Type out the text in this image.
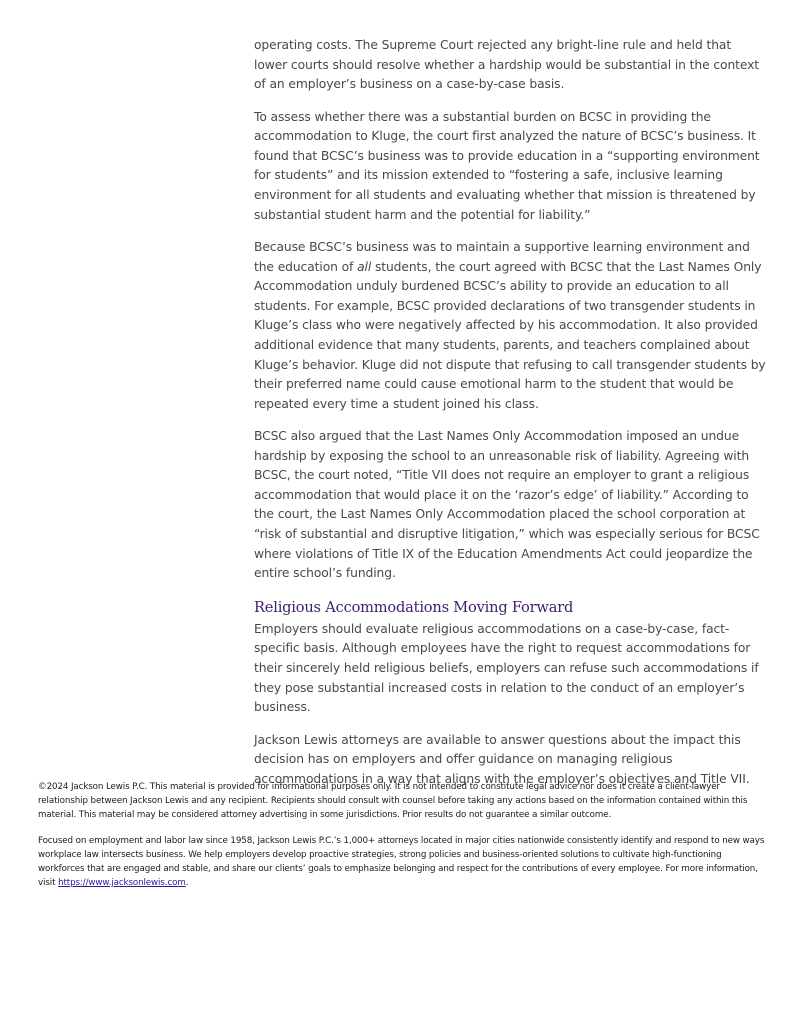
operating costs. The Supreme Court rejected any bright-line rule and held that lower courts should resolve whether a hardship would be substantial in the context of an employer’s business on a case-by-case basis.

To assess whether there was a substantial burden on BCSC in providing the accommodation to Kluge, the court first analyzed the nature of BCSC’s business. It found that BCSC’s business was to provide education in a “supporting environment for students” and its mission extended to “fostering a safe, inclusive learning environment for all students and evaluating whether that mission is threatened by substantial student harm and the potential for liability.”

Because BCSC’s business was to maintain a supportive learning environment and the education of all students, the court agreed with BCSC that the Last Names Only Accommodation unduly burdened BCSC’s ability to provide an education to all students. For example, BCSC provided declarations of two transgender students in Kluge’s class who were negatively affected by his accommodation. It also provided additional evidence that many students, parents, and teachers complained about Kluge’s behavior. Kluge did not dispute that refusing to call transgender students by their preferred name could cause emotional harm to the student that would be repeated every time a student joined his class.

BCSC also argued that the Last Names Only Accommodation imposed an undue hardship by exposing the school to an unreasonable risk of liability. Agreeing with BCSC, the court noted, “Title VII does not require an employer to grant a religious accommodation that would place it on the ‘razor’s edge’ of liability.” According to the court, the Last Names Only Accommodation placed the school corporation at “risk of substantial and disruptive litigation,” which was especially serious for BCSC where violations of Title IX of the Education Amendments Act could jeopardize the entire school’s funding.

Religious Accommodations Moving Forward

Employers should evaluate religious accommodations on a case-by-case, fact-specific basis. Although employees have the right to request accommodations for their sincerely held religious beliefs, employers can refuse such accommodations if they pose substantial increased costs in relation to the conduct of an employer’s business.

Jackson Lewis attorneys are available to answer questions about the impact this decision has on employers and offer guidance on managing religious accommodations in a way that aligns with the employer’s objectives and Title VII.

©2024 Jackson Lewis P.C. This material is provided for informational purposes only. It is not intended to constitute legal advice nor does it create a client-lawyer relationship between Jackson Lewis and any recipient. Recipients should consult with counsel before taking any actions based on the information contained within this material. This material may be considered attorney advertising in some jurisdictions. Prior results do not guarantee a similar outcome.

Focused on employment and labor law since 1958, Jackson Lewis P.C.’s 1,000+ attorneys located in major cities nationwide consistently identify and respond to new ways workplace law intersects business. We help employers develop proactive strategies, strong policies and business-oriented solutions to cultivate high-functioning workforces that are engaged and stable, and share our clients’ goals to emphasize belonging and respect for the contributions of every employee. For more information, visit https://www.jacksonlewis.com.
